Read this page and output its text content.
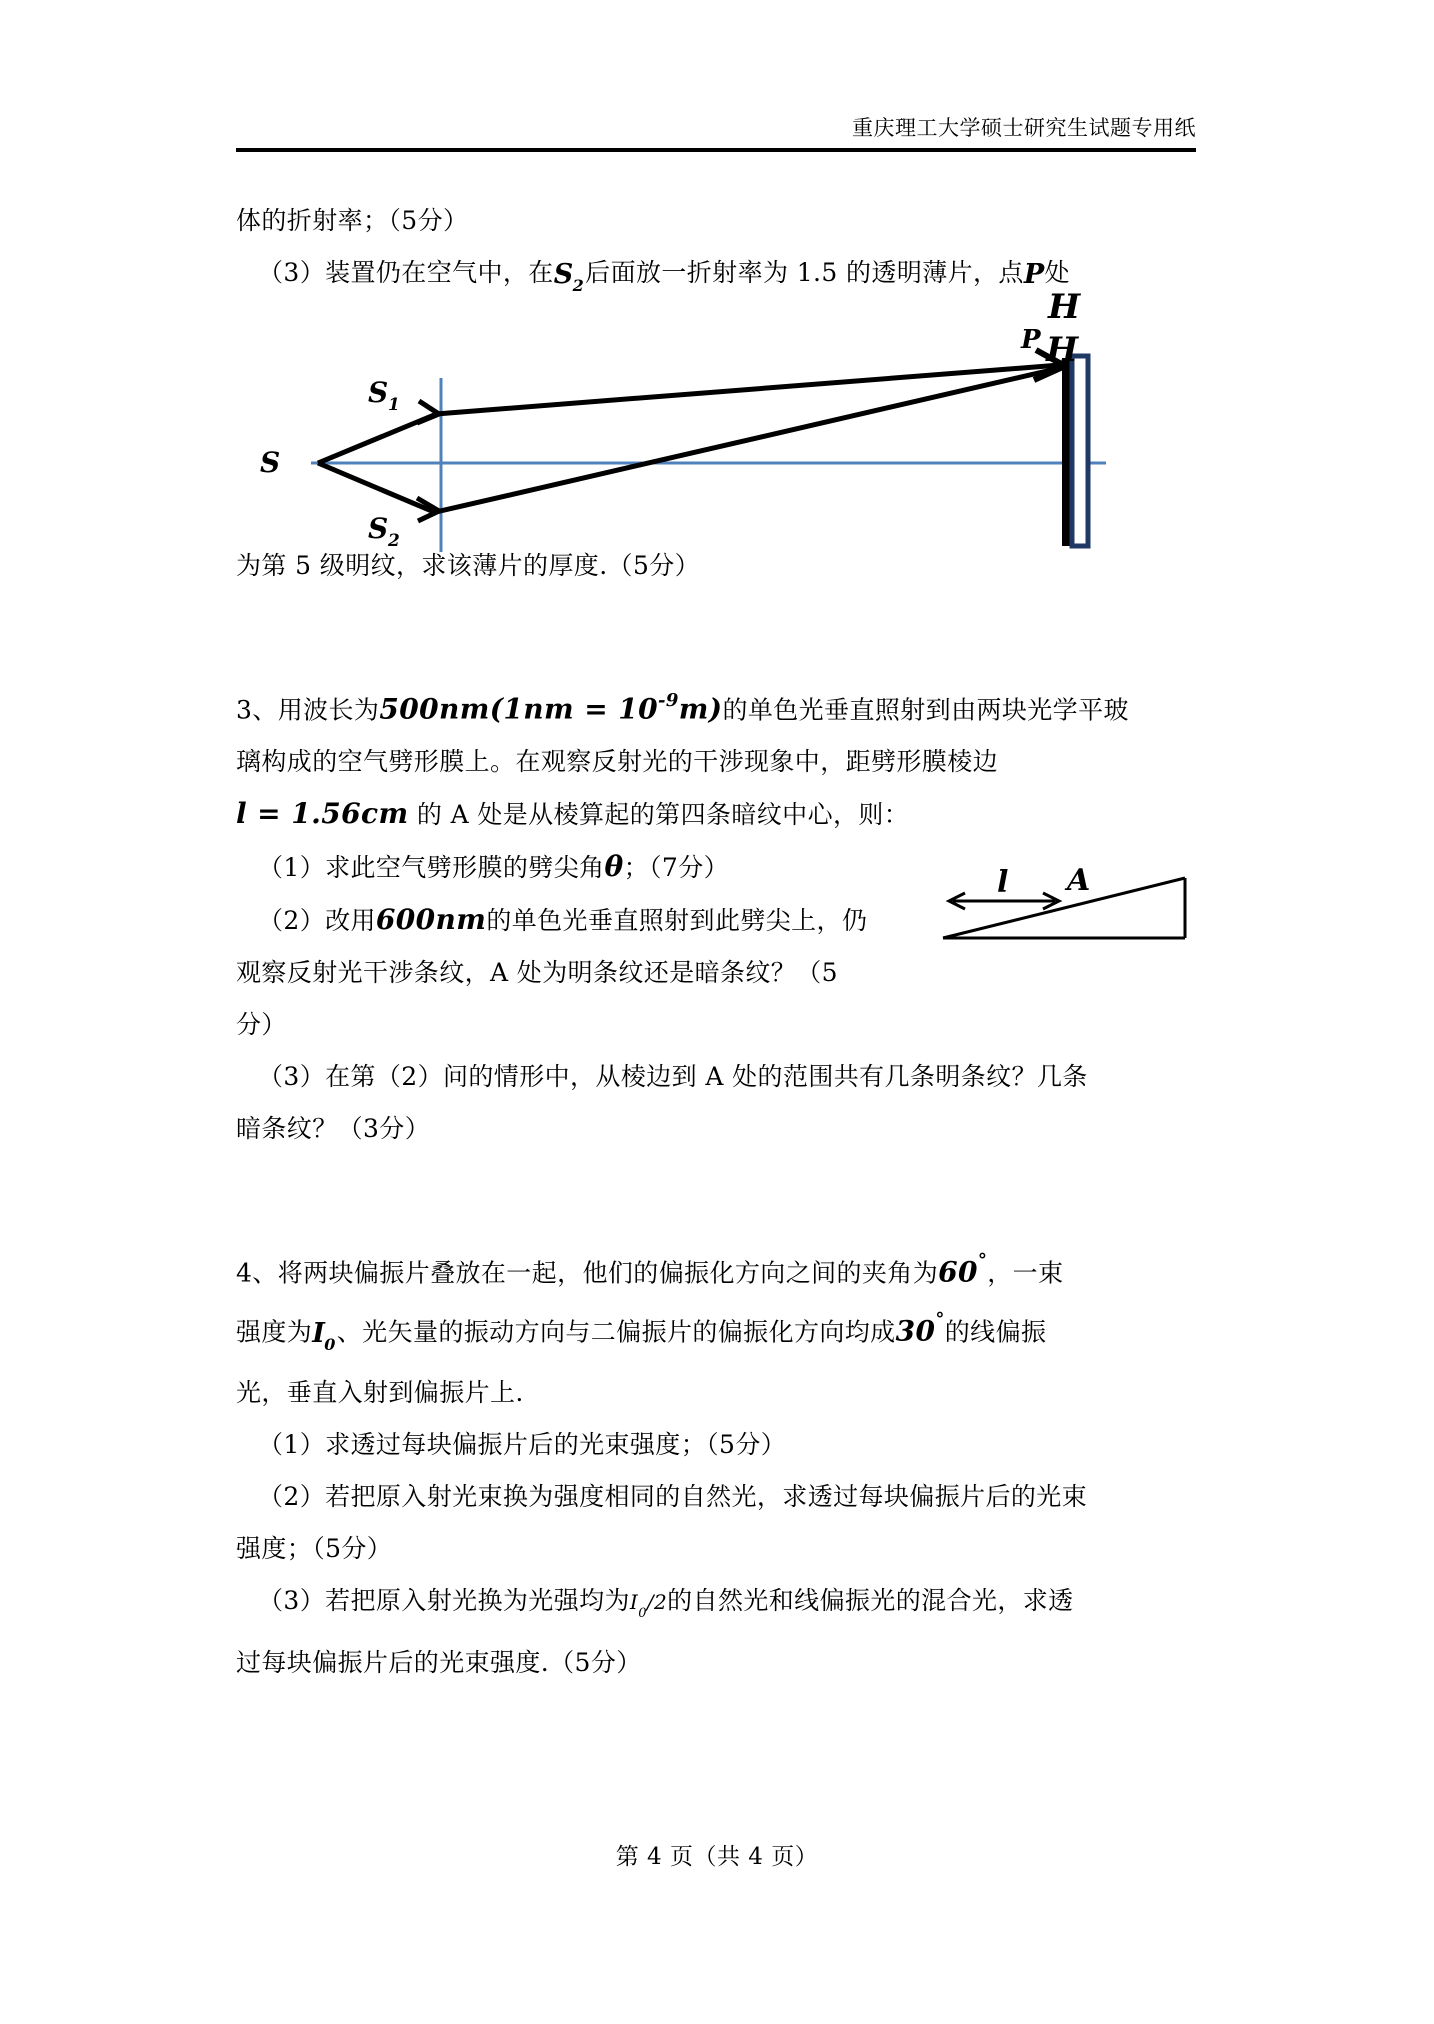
重庆理工大学硕士研究生试题专用纸
体的折射率；（5分）
（3）装置仍在空气中，在$S_2$后面放一折射率为 1.5 的透明薄片，点P处
为第 5 级明纹，求该薄片的厚度.（5分）
3、用波长为$500nm(1nm = 10^{-9}m)$的单色光垂直照射到由两块光学平玻
璃构成的空气劈形膜上。在观察反射光的干涉现象中，距劈形膜棱边
l = 1.56cm 的 A 处是从棱算起的第四条暗纹中心，则：
（1）求此空气劈形膜的劈尖角θ；（7分）
（2）改用600nm的单色光垂直照射到此劈尖上，仍
观察反射光干涉条纹，A 处为明条纹还是暗条纹？（5
分）
（3）在第（2）问的情形中，从棱边到 A 处的范围共有几条明条纹？几条
暗条纹？（3分）
4、将两块偏振片叠放在一起，他们的偏振化方向之间的夹角为60°，一束
强度为$I_0$、光矢量的振动方向与二偏振片的偏振化方向均成30°的线偏振
光，垂直入射到偏振片上.
（1）求透过每块偏振片后的光束强度；（5分）
（2）若把原入射光束换为强度相同的自然光，求透过每块偏振片后的光束
强度；（5分）
（3）若把原入射光换为光强均为$I_0/2$的自然光和线偏振光的混合光，求透
过每块偏振片后的光束强度.（5分）
S
S 1
S 2
P
H
H
l A
第 4 页（共 4 页）
